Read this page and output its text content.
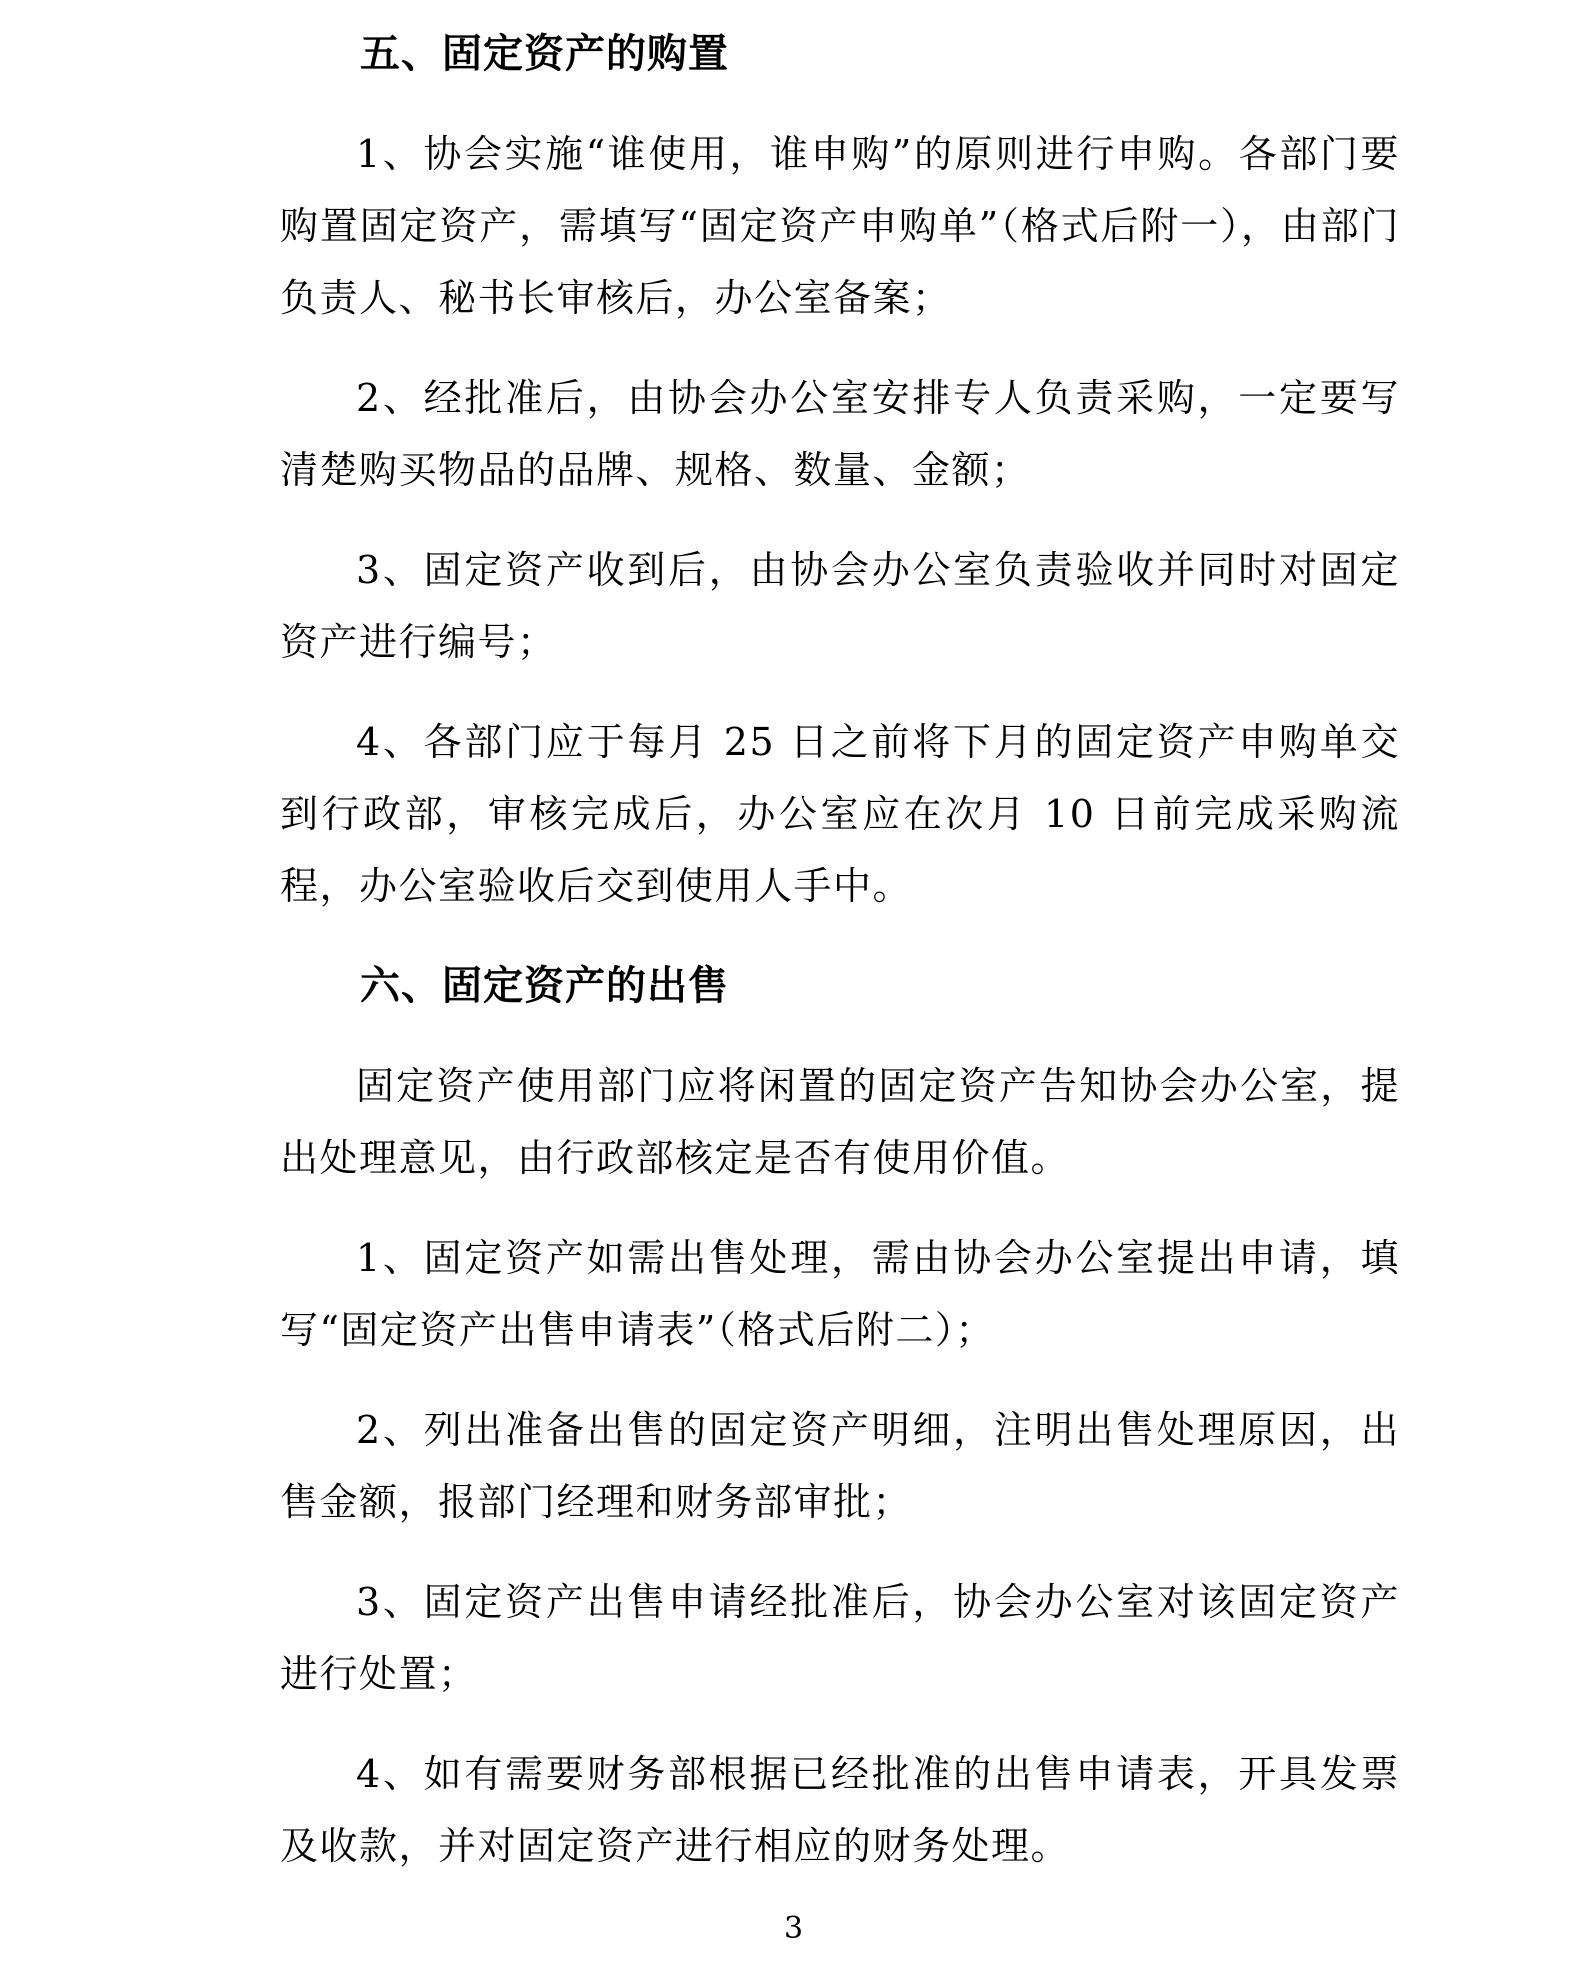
五、固定资产的购置

1、协会实施“谁使用，谁申购”的原则进行申购。各部门要购置固定资产，需填写“固定资产申购单”（格式后附一），由部门负责人、秘书长审核后，办公室备案；

2、经批准后，由协会办公室安排专人负责采购，一定要写清楚购买物品的品牌、规格、数量、金额；

3、固定资产收到后，由协会办公室负责验收并同时对固定资产进行编号；

4、各部门应于每月 25 日之前将下月的固定资产申购单交到行政部，审核完成后，办公室应在次月 10 日前完成采购流程，办公室验收后交到使用人手中。

六、固定资产的出售

固定资产使用部门应将闲置的固定资产告知协会办公室，提出处理意见，由行政部核定是否有使用价值。

1、固定资产如需出售处理，需由协会办公室提出申请，填写“固定资产出售申请表”（格式后附二）；

2、列出准备出售的固定资产明细，注明出售处理原因，出售金额，报部门经理和财务部审批；

3、固定资产出售申请经批准后，协会办公室对该固定资产进行处置；

4、如有需要财务部根据已经批准的出售申请表，开具发票及收款，并对固定资产进行相应的财务处理。

3
